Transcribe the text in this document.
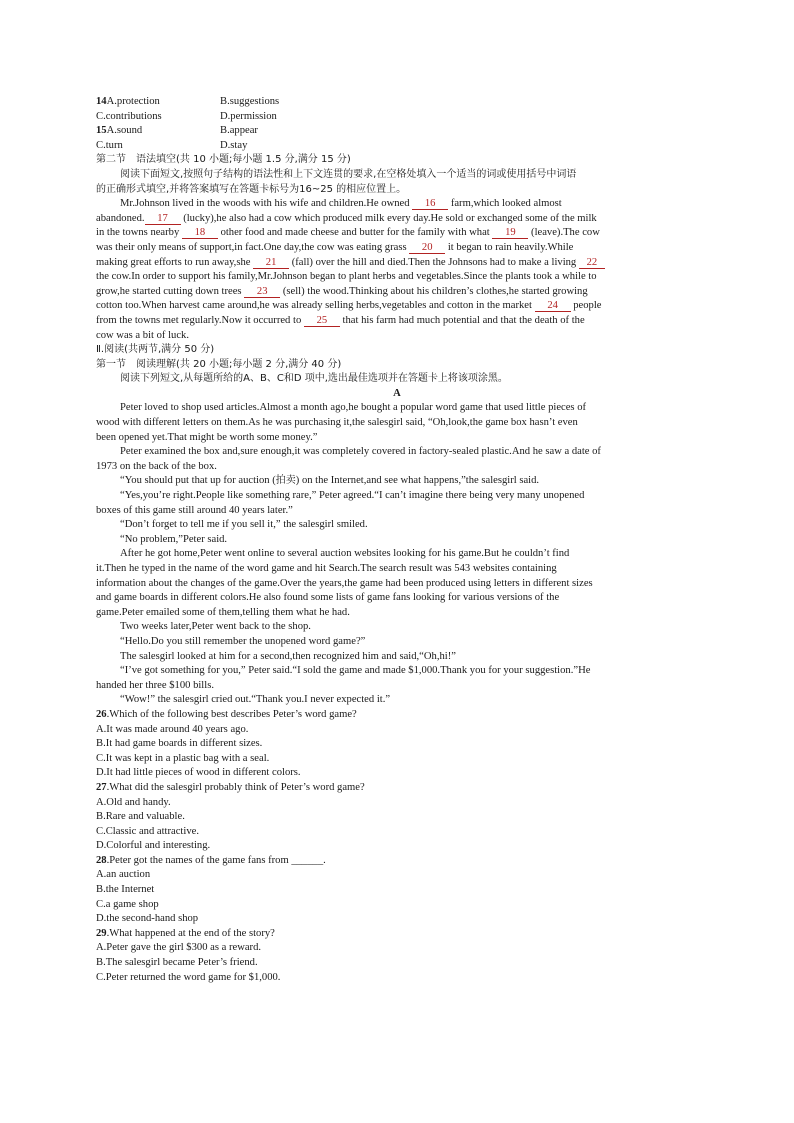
14A.protection	B.suggestions
C.contributions	D.permission
15A.sound	B.appear
C.turn	D.stay
第二节　语法填空(共 10 小题;每小题 1.5 分,满分 15 分)
阅读下面短文,按照句子结构的语法性和上下文连贯的要求,在空格处填入一个适当的词或使用括号中词语
的正确形式填空,并将答案填写在答题卡标号为16~25 的相应位置上。
Mr.Johnson lived in the woods with his wife and children.He owned 16 farm,which looked almost
abandoned. 17 (lucky),he also had a cow which produced milk every day.He sold or exchanged some of the milk
in the towns nearby 18 other food and made cheese and butter for the family with what 19 (leave).The cow
was their only means of support,in fact.One day,the cow was eating grass 20 it began to rain heavily.While
making great efforts to run away,she 21 (fall) over the hill and died.Then the Johnsons had to make a living 22
the cow.In order to support his family,Mr.Johnson began to plant herbs and vegetables.Since the plants took a while to
grow,he started cutting down trees 23 (sell) the wood.Thinking about his children’s clothes,he started growing
cotton too.When harvest came around,he was already selling herbs,vegetables and cotton in the market 24 people
from the towns met regularly.Now it occurred to 25 that his farm had much potential and that the death of the
cow was a bit of luck.
Ⅱ.阅读(共两节,满分 50 分)
第一节　阅读理解(共 20 小题;每小题 2 分,满分 40 分)
阅读下列短文,从每题所给的A、B、C和D 项中,选出最佳选项并在答题卡上将该项涂黑。
A
Peter loved to shop used articles.Almost a month ago,he bought a popular word game that used little pieces of
wood with different letters on them.As he was purchasing it,the salesgirl said, “Oh,look,the game box hasn’t even
been opened yet.That might be worth some money.”
Peter examined the box and,sure enough,it was completely covered in factory-sealed plastic.And he saw a date of
1973 on the back of the box.
“You should put that up for auction (拍卖) on the Internet,and see what happens,”the salesgirl said.
“Yes,you’re right.People like something rare,” Peter agreed.“I can’t imagine there being very many unopened
boxes of this game still around 40 years later.”
“Don’t forget to tell me if you sell it,” the salesgirl smiled.
“No problem,”Peter said.
After he got home,Peter went online to several auction websites looking for his game.But he couldn’t find
it.Then he typed in the name of the word game and hit Search.The search result was 543 websites containing
information about the changes of the game.Over the years,the game had been produced using letters in different sizes
and game boards in different colors.He also found some lists of game fans looking for various versions of the
game.Peter emailed some of them,telling them what he had.
Two weeks later,Peter went back to the shop.
“Hello.Do you still remember the unopened word game?”
The salesgirl looked at him for a second,then recognized him and said,“Oh,hi!”
“I’ve got something for you,” Peter said.“I sold the game and made $1,000.Thank you for your suggestion.”He
handed her three $100 bills.
“Wow!” the salesgirl cried out.“Thank you.I never expected it.”
26.Which of the following best describes Peter’s word game?
A.It was made around 40 years ago.
B.It had game boards in different sizes.
C.It was kept in a plastic bag with a seal.
D.It had little pieces of wood in different colors.
27.What did the salesgirl probably think of Peter’s word game?
A.Old and handy.
B.Rare and valuable.
C.Classic and attractive.
D.Colorful and interesting.
28.Peter got the names of the game fans from ______.
A.an auction
B.the Internet
C.a game shop
D.the second-hand shop
29.What happened at the end of the story?
A.Peter gave the girl $300 as a reward.
B.The salesgirl became Peter’s friend.
C.Peter returned the word game for $1,000.
